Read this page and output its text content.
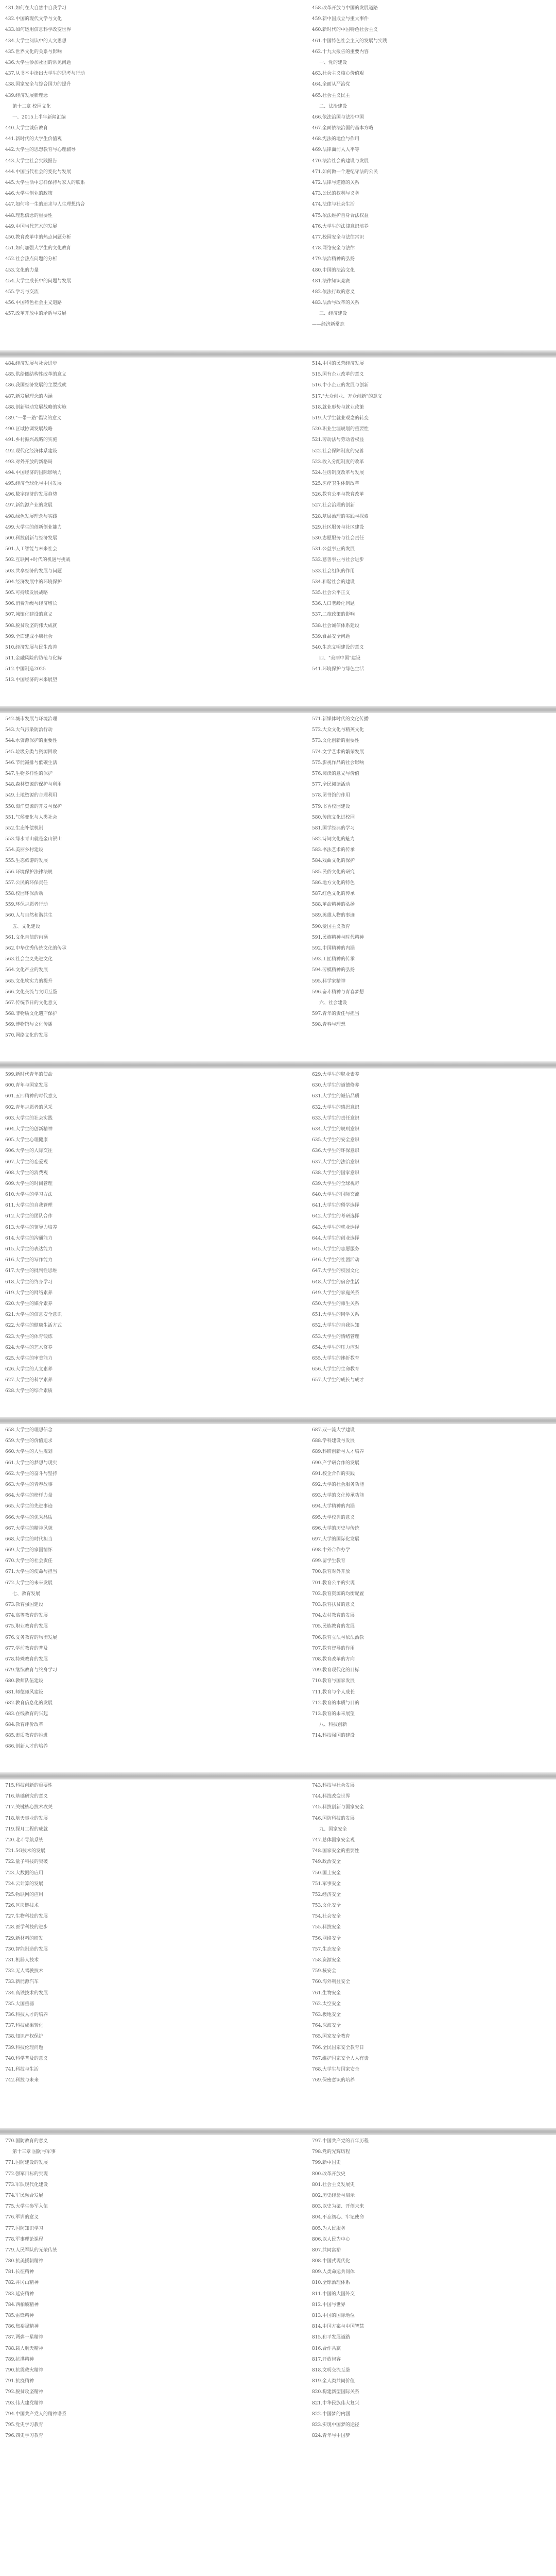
431.如何在大自然中自我学习
432.中国的现代文学与文化
433.如何运用信息科学改变世界
434.大学生阅读中的人文思想
435.世界文化的关系与影响
436.大学生参加社团的常见问题
437.从书本中读出大学生的思考与行动
438.国家安全与综合国力的提升
439.经济发展新理念
第十二章 校园文化
一、2015上半年新闻汇编
440.大学生诚信教育
441.新时代的大学生价值观
442.大学生的思想教育与心理辅导
443.大学生社会实践报告
444.中国当代社会的变化与发展
445.大学生活中怎样保持与家人的联系
446.大学生创业的政策
447.如何将一生的追求与人生理想结合
448.理想信念的重要性
449.中国当代艺术的发展
450.教育改革中的热点问题分析
451.如何加强大学生的文化教育
452.社会热点问题的分析
453.文化的力量
454.大学生成长中的问题与发展
455.学习与交流
456.中国特色社会主义道路
457.改革开放中的矛盾与发展
458.改革开放与中国的发展道路
459.新中国成立与重大事件
460.新时代的中国特色社会主义
461.中国特色社会主义的发展与实践
462.十九大报告的重要内容
一、党的建设
463.社会主义核心价值观
464.全面从严治党
465.社会主义民主
二、法治建设
466.依法治国与法治中国
467.全面依法治国的基本方略
468.宪法的地位与作用
469.法律面前人人平等
470.法治社会的建设与发展
471.如何做一个遵纪守法的公民
472.法律与道德的关系
473.公民的权利与义务
474.法律与社会生活
475.依法维护自身合法权益
476.大学生的法律意识培养
477.校园安全与法律常识
478.网络安全与法律
479.法治精神的弘扬
480.中国的法治文化
481.法律知识竞赛
482.依法行政的意义
483.法治与改革的关系
三、经济建设
——经济新常态
484.经济发展与社会进步
485.供给侧结构性改革的意义
486.我国经济发展的主要成就
487.新发展理念的内涵
488.创新驱动发展战略的实施
489."一带一路"倡议的意义
490.区域协调发展战略
491.乡村振兴战略的实施
492.现代化经济体系建设
493.对外开放的新格局
494.中国经济的国际影响力
495.经济全球化与中国发展
496.数字经济的发展趋势
497.新能源产业的发展
498.绿色发展理念与实践
499.大学生的创新创业能力
500.科技创新与经济发展
501.人工智能与未来社会
502.互联网+时代的机遇与挑战
503.共享经济的发展与问题
504.经济发展中的环境保护
505.可持续发展战略
506.消费升级与经济增长
507.城镇化建设的意义
508.脱贫攻坚的伟大成就
509.全面建成小康社会
510.经济发展与民生改善
511.金融风险的防范与化解
512.中国制造2025
513.中国经济的未来展望
514.中国的民营经济发展
515.国有企业改革的意义
516.中小企业的发展与创新
517."大众创业、万众创新"的意义
518.就业形势与就业政策
519.大学生就业观念的转变
520.职业生涯规划的重要性
521.劳动法与劳动者权益
522.社会保障制度的完善
523.收入分配制度的改革
524.住房制度改革与发展
525.医疗卫生体制改革
526.教育公平与教育改革
527.社会治理的创新
528.基层治理的实践与探索
529.社区服务与社区建设
530.志愿服务与社会责任
531.公益事业的发展
532.慈善事业与社会进步
533.社会组织的作用
534.和谐社会的建设
535.社会公平正义
536.人口老龄化问题
537.二孩政策的影响
538.社会诚信体系建设
539.食品安全问题
540.生态文明建设的意义
四、"美丽中国"建设
541.环境保护与绿色生活
542.城市发展与环境治理
543.大气污染防治行动
544.水资源保护的重要性
545.垃圾分类与资源回收
546.节能减排与低碳生活
547.生物多样性的保护
548.森林资源的保护与利用
549.土地资源的合理利用
550.海洋资源的开发与保护
551.气候变化与人类社会
552.生态补偿机制
553.绿水青山就是金山银山
554.美丽乡村建设
555.生态旅游的发展
556.环境保护法律法规
557.公民的环保责任
558.校园环保活动
559.环保志愿者行动
560.人与自然和谐共生
五、文化建设
561.文化自信的内涵
562.中华优秀传统文化的传承
563.社会主义先进文化
564.文化产业的发展
565.文化软实力的提升
566.文化交流与文明互鉴
567.传统节日的文化意义
568.非物质文化遗产保护
569.博物馆与文化传播
570.网络文化的发展
571.新媒体时代的文化传播
572.大众文化与精英文化
573.文化创新的重要性
574.文学艺术的繁荣发展
575.影视作品的社会影响
576.阅读的意义与价值
577.全民阅读活动
578.图书馆的作用
579.书香校园建设
580.传统文化进校园
581.国学经典的学习
582.诗词文化的魅力
583.书法艺术的传承
584.戏曲文化的保护
585.民俗文化的研究
586.地方文化的特色
587.红色文化的传承
588.革命精神的弘扬
589.英雄人物的事迹
590.爱国主义教育
591.民族精神与时代精神
592.中国精神的内涵
593.工匠精神的传承
594.劳模精神的弘扬
595.科学家精神
596.奋斗精神与青春梦想
六、社会建设
597.青年的责任与担当
598.青春与理想
599.新时代青年的使命
600.青年与国家发展
601.五四精神的时代意义
602.青年志愿者的风采
603.大学生的社会实践
604.大学生的创新精神
605.大学生心理健康
606.大学生的人际交往
607.大学生的恋爱观
608.大学生的消费观
609.大学生的时间管理
610.大学生的学习方法
611.大学生的自我管理
612.大学生的团队合作
613.大学生的领导力培养
614.大学生的沟通能力
615.大学生的表达能力
616.大学生的写作能力
617.大学生的批判性思维
618.大学生的终身学习
619.大学生的网络素养
620.大学生的媒介素养
621.大学生的信息安全意识
622.大学生的健康生活方式
623.大学生的体育锻炼
624.大学生的艺术修养
625.大学生的审美能力
626.大学生的人文素养
627.大学生的科学素养
628.大学生的综合素质
629.大学生的职业素养
630.大学生的道德修养
631.大学生的诚信品质
632.大学生的感恩意识
633.大学生的责任意识
634.大学生的规则意识
635.大学生的安全意识
636.大学生的环保意识
637.大学生的法治意识
638.大学生的国家意识
639.大学生的全球视野
640.大学生的国际交流
641.大学生的留学选择
642.大学生的考研选择
643.大学生的就业选择
644.大学生的创业选择
645.大学生的志愿服务
646.大学生的社团活动
647.大学生的校园文化
648.大学生的宿舍生活
649.大学生的家庭关系
650.大学生的师生关系
651.大学生的同学关系
652.大学生的自我认知
653.大学生的情绪管理
654.大学生的压力应对
655.大学生的挫折教育
656.大学生的生命教育
657.大学生的成长与成才
658.大学生的理想信念
659.大学生的价值追求
660.大学生的人生规划
661.大学生的梦想与现实
662.大学生的奋斗与坚持
663.大学生的青春故事
664.大学生的榜样力量
665.大学生的先进事迹
666.大学生的优秀品质
667.大学生的精神风貌
668.大学生的时代担当
669.大学生的家国情怀
670.大学生的社会责任
671.大学生的使命与担当
672.大学生的未来发展
七、教育发展
673.教育强国建设
674.高等教育的发展
675.职业教育的发展
676.义务教育的均衡发展
677.学前教育的普及
678.特殊教育的发展
679.继续教育与终身学习
680.教师队伍建设
681.师德师风建设
682.教育信息化的发展
683.在线教育的兴起
684.教育评价改革
685.素质教育的推进
686.创新人才的培养
687.双一流大学建设
688.学科建设与发展
689.科研创新与人才培养
690.产学研合作的发展
691.校企合作的实践
692.大学的社会服务功能
693.大学的文化传承功能
694.大学精神的内涵
695.大学校训的意义
696.大学的历史与传统
697.大学的国际化发展
698.中外合作办学
699.留学生教育
700.教育对外开放
701.教育公平的实现
702.教育资源的均衡配置
703.教育扶贫的意义
704.农村教育的发展
705.民族教育的发展
706.教育立法与依法治教
707.教育督导的作用
708.教育改革的方向
709.教育现代化的目标
710.教育与国家发展
711.教育与个人成长
712.教育的本质与目的
713.教育的未来展望
八、科技创新
714.科技强国的建设
715.科技创新的重要性
716.基础研究的意义
717.关键核心技术攻关
718.航天事业的发展
719.探月工程的成就
720.北斗导航系统
721.5G技术的发展
722.量子科技的突破
723.大数据的应用
724.云计算的发展
725.物联网的应用
726.区块链技术
727.生物科技的发展
728.医学科技的进步
729.新材料的研发
730.智能制造的发展
731.机器人技术
732.无人驾驶技术
733.新能源汽车
734.高铁技术的发展
735.大国重器
736.科技人才的培养
737.科技成果转化
738.知识产权保护
739.科技伦理问题
740.科学普及的意义
741.科技与生活
742.科技与未来
743.科技与社会发展
744.科技改变世界
745.科技创新与国家安全
746.国防科技的发展
九、国家安全
747.总体国家安全观
748.国家安全的重要性
749.政治安全
750.国土安全
751.军事安全
752.经济安全
753.文化安全
754.社会安全
755.科技安全
756.网络安全
757.生态安全
758.资源安全
759.核安全
760.海外利益安全
761.生物安全
762.太空安全
763.极地安全
764.深海安全
765.国家安全教育
766.全民国家安全教育日
767.维护国家安全人人有责
768.大学生与国家安全
769.保密意识的培养
770.国防教育的意义
第十三章 国防与军事
771.国防建设的发展
772.强军目标的实现
773.军队现代化建设
774.军民融合发展
775.大学生参军入伍
776.军训的意义
777.国防知识学习
778.军事理论课程
779.人民军队的光荣传统
780.抗美援朝精神
781.长征精神
782.井冈山精神
783.延安精神
784.西柏坡精神
785.雷锋精神
786.焦裕禄精神
787.两弹一星精神
788.载人航天精神
789.抗洪精神
790.抗震救灾精神
791.抗疫精神
792.脱贫攻坚精神
793.伟大建党精神
794.中国共产党人的精神谱系
795.党史学习教育
796.四史学习教育
797.中国共产党的百年历程
798.党的光辉历程
799.新中国史
800.改革开放史
801.社会主义发展史
802.历史经验与启示
803.以史为鉴、开创未来
804.不忘初心、牢记使命
805.为人民服务
806.以人民为中心
807.共同富裕
808.中国式现代化
809.人类命运共同体
810.全球治理体系
811.中国的大国外交
812.中国与世界
813.中国的国际地位
814.中国方案与中国智慧
815.和平发展道路
816.合作共赢
817.开放包容
818.文明交流互鉴
819.全人类共同价值
820.构建新型国际关系
821.中华民族伟大复兴
822.中国梦的内涵
823.实现中国梦的途径
824.青年与中国梦
